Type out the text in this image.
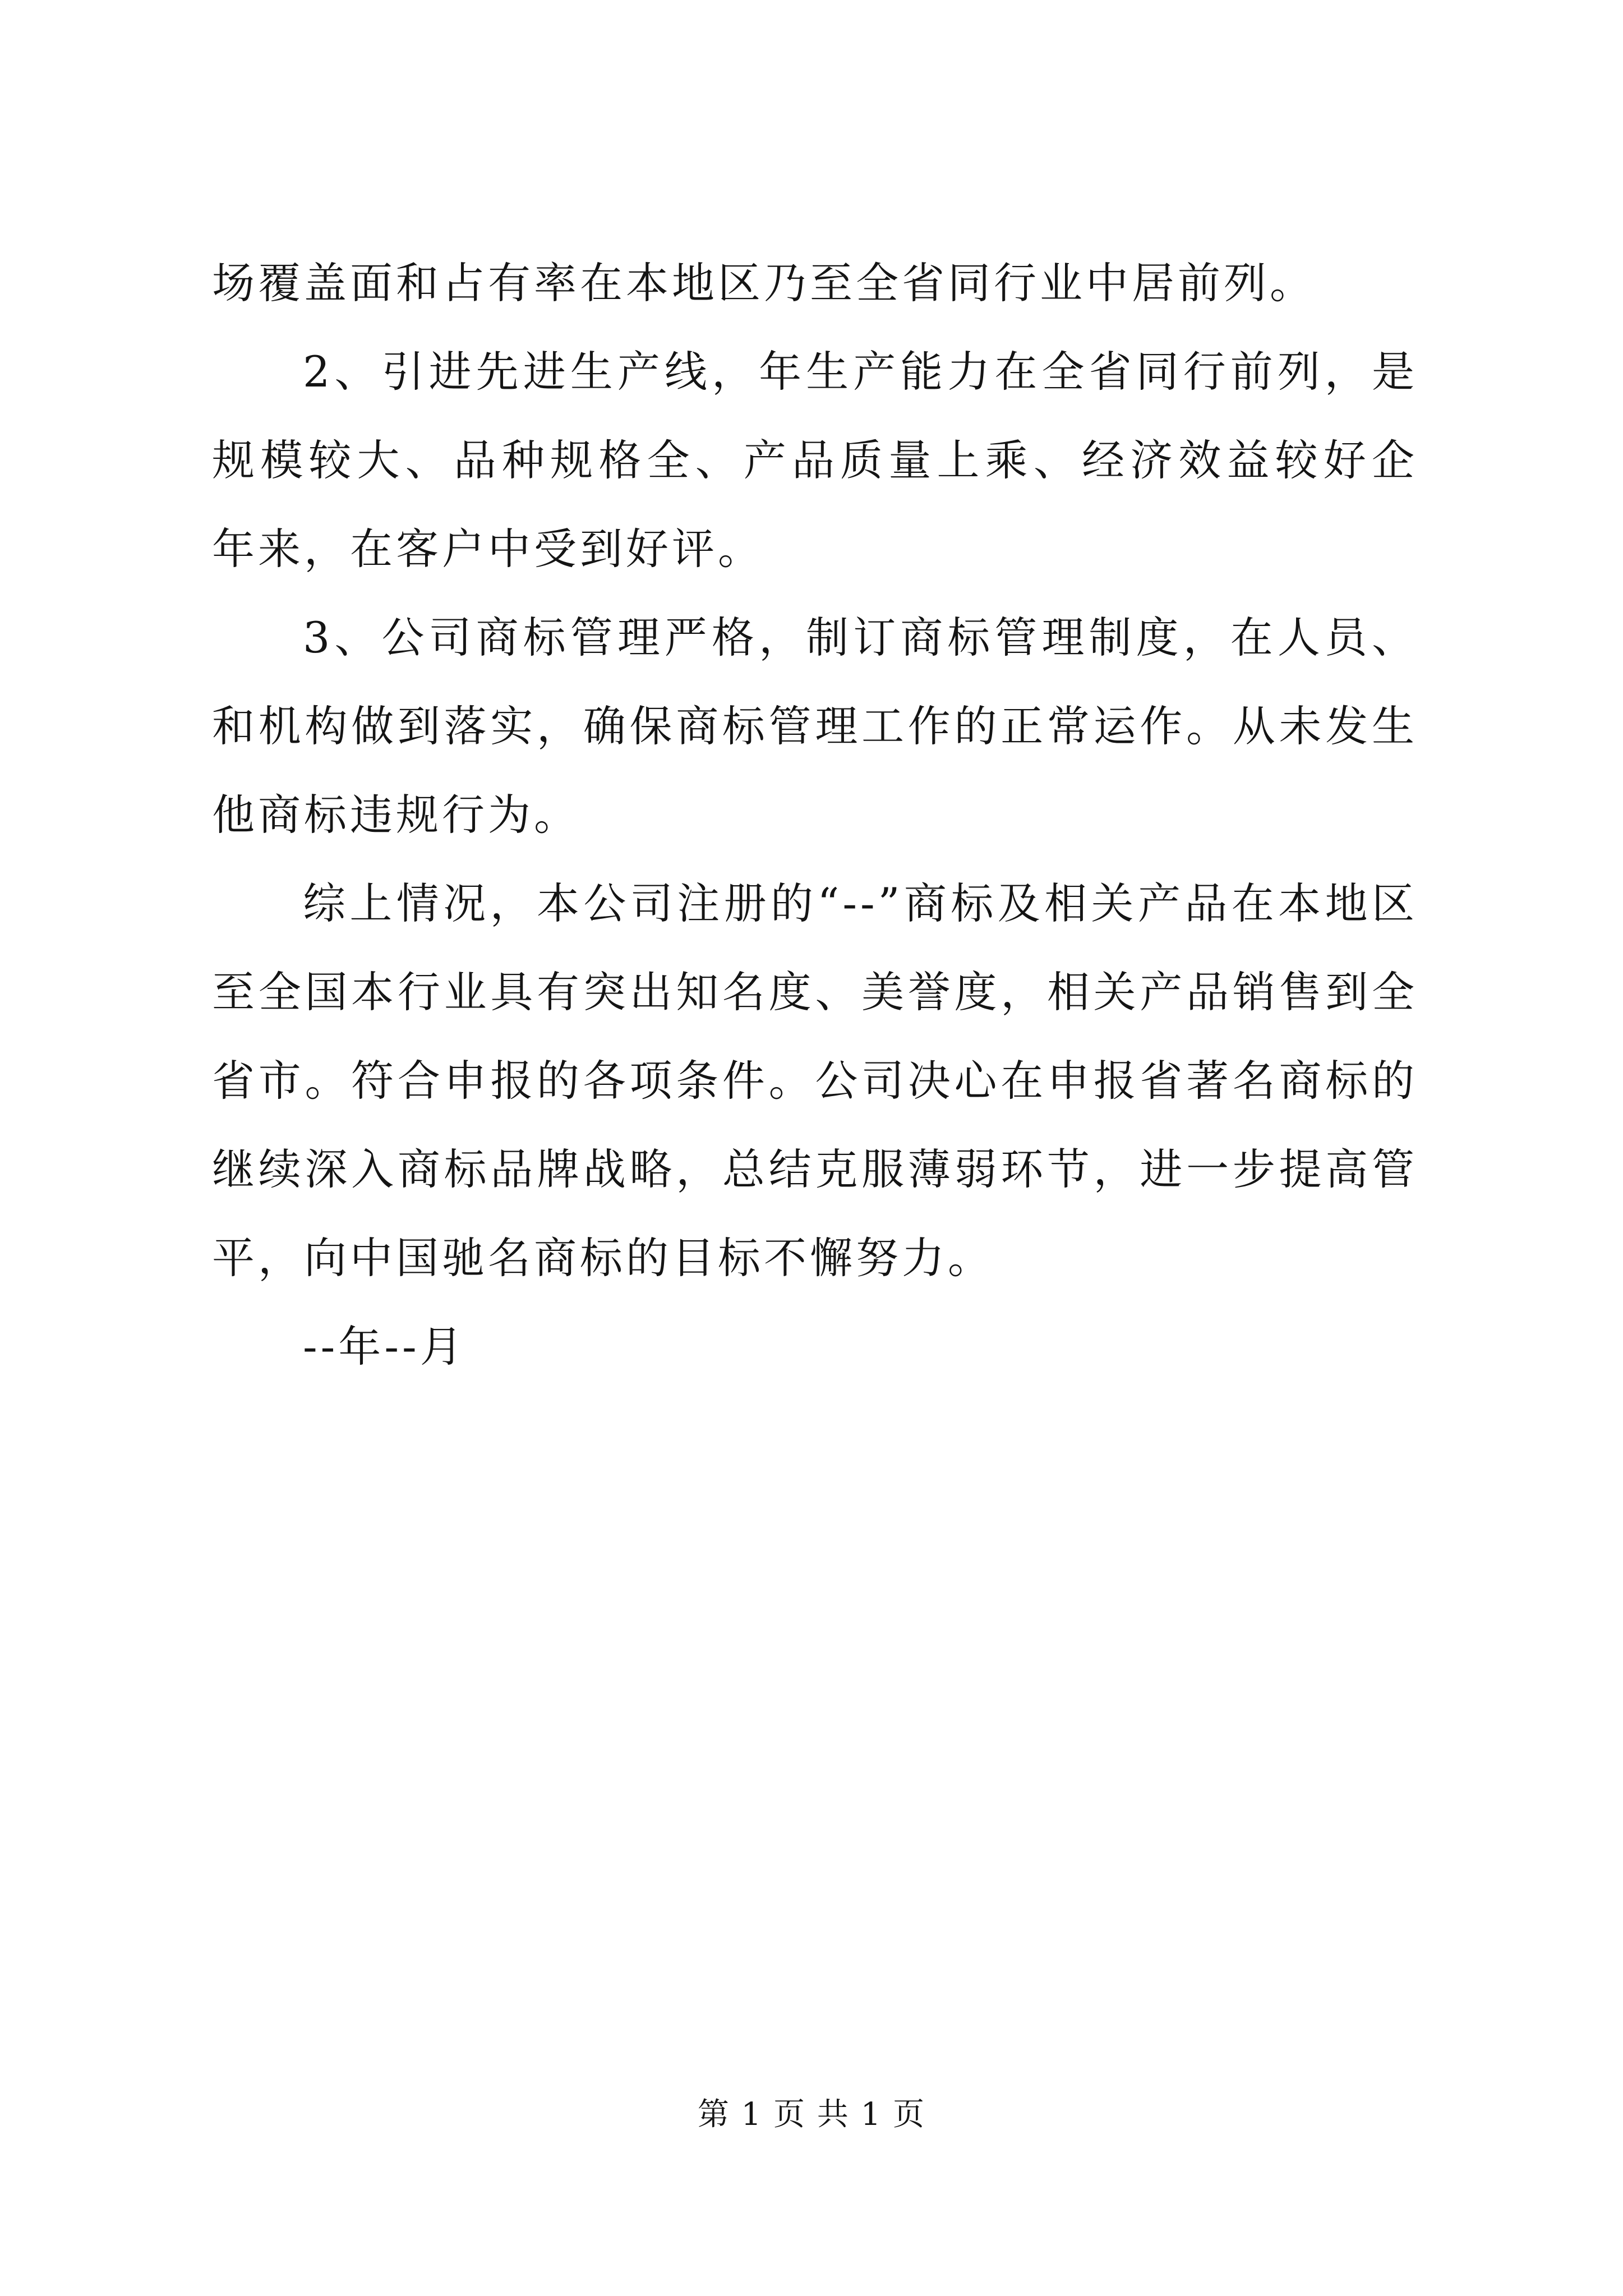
场覆盖面和占有率在本地区乃至全省同行业中居前列。
2、引进先进生产线，年生产能力在全省同行前列，是
规模较大、品种规格全、产品质量上乘、经济效益较好企
年来，在客户中受到好评。
3、公司商标管理严格，制订商标管理制度，在人员、
和机构做到落实，确保商标管理工作的正常运作。从未发生
他商标违规行为。
综上情况，本公司注册的“--”商标及相关产品在本地区
至全国本行业具有突出知名度、美誉度，相关产品销售到全
省市。符合申报的各项条件。公司决心在申报省著名商标的
继续深入商标品牌战略，总结克服薄弱环节，进一步提高管
平，向中国驰名商标的目标不懈努力。
--年--月
第 1 页 共 1 页
